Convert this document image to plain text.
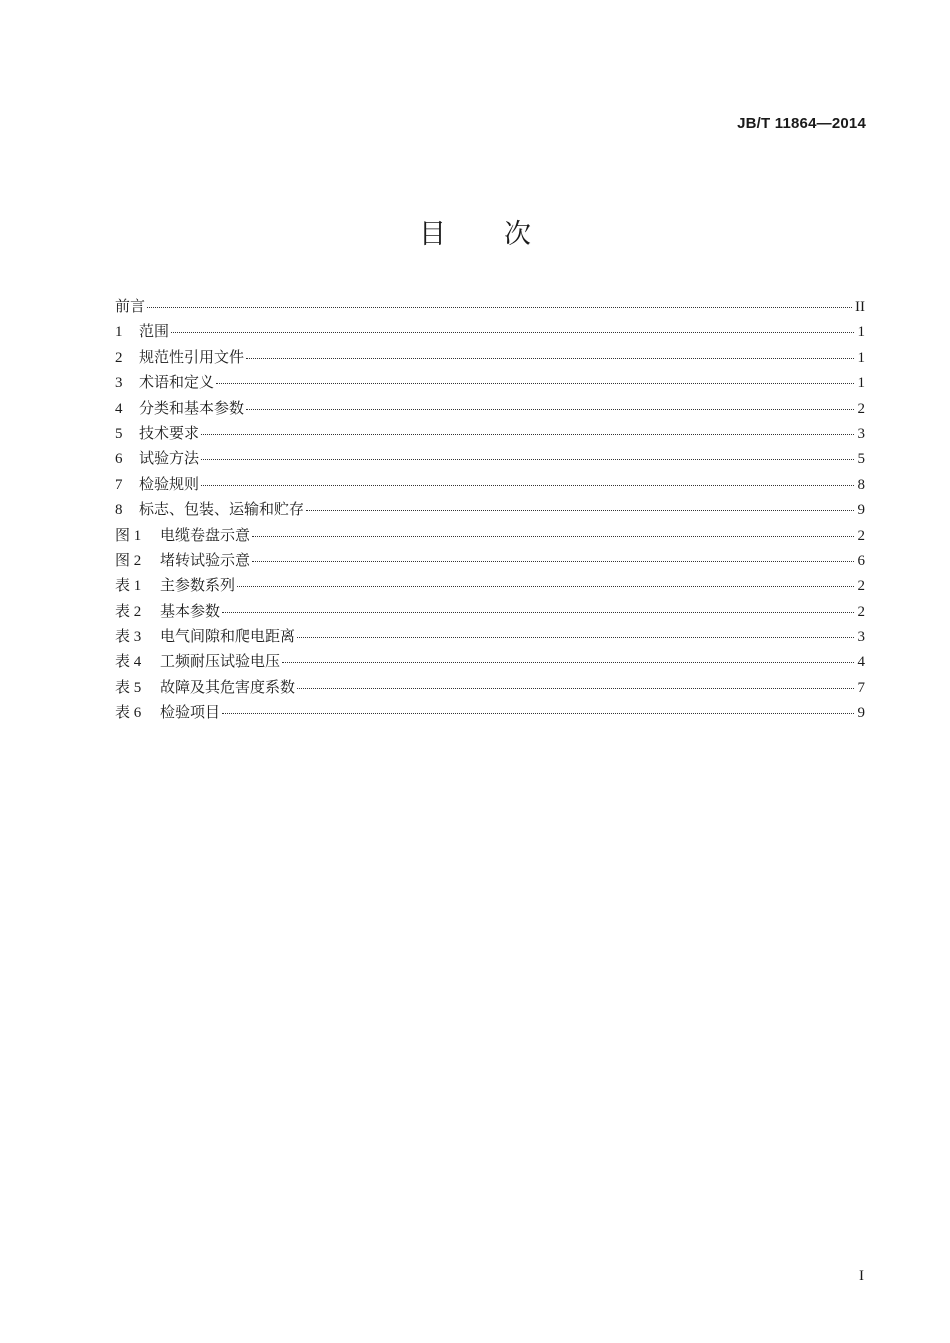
JB/T 11864—2014
目 次
前言	II
1	范围	1
2	规范性引用文件	1
3	术语和定义	1
4	分类和基本参数	2
5	技术要求	3
6	试验方法	5
7	检验规则	8
8	标志、包装、运输和贮存	9
图 1	电缆卷盘示意	2
图 2	堵转试验示意	6
表 1	主参数系列	2
表 2	基本参数	2
表 3	电气间隙和爬电距离	3
表 4	工频耐压试验电压	4
表 5	故障及其危害度系数	7
表 6	检验项目	9
I
